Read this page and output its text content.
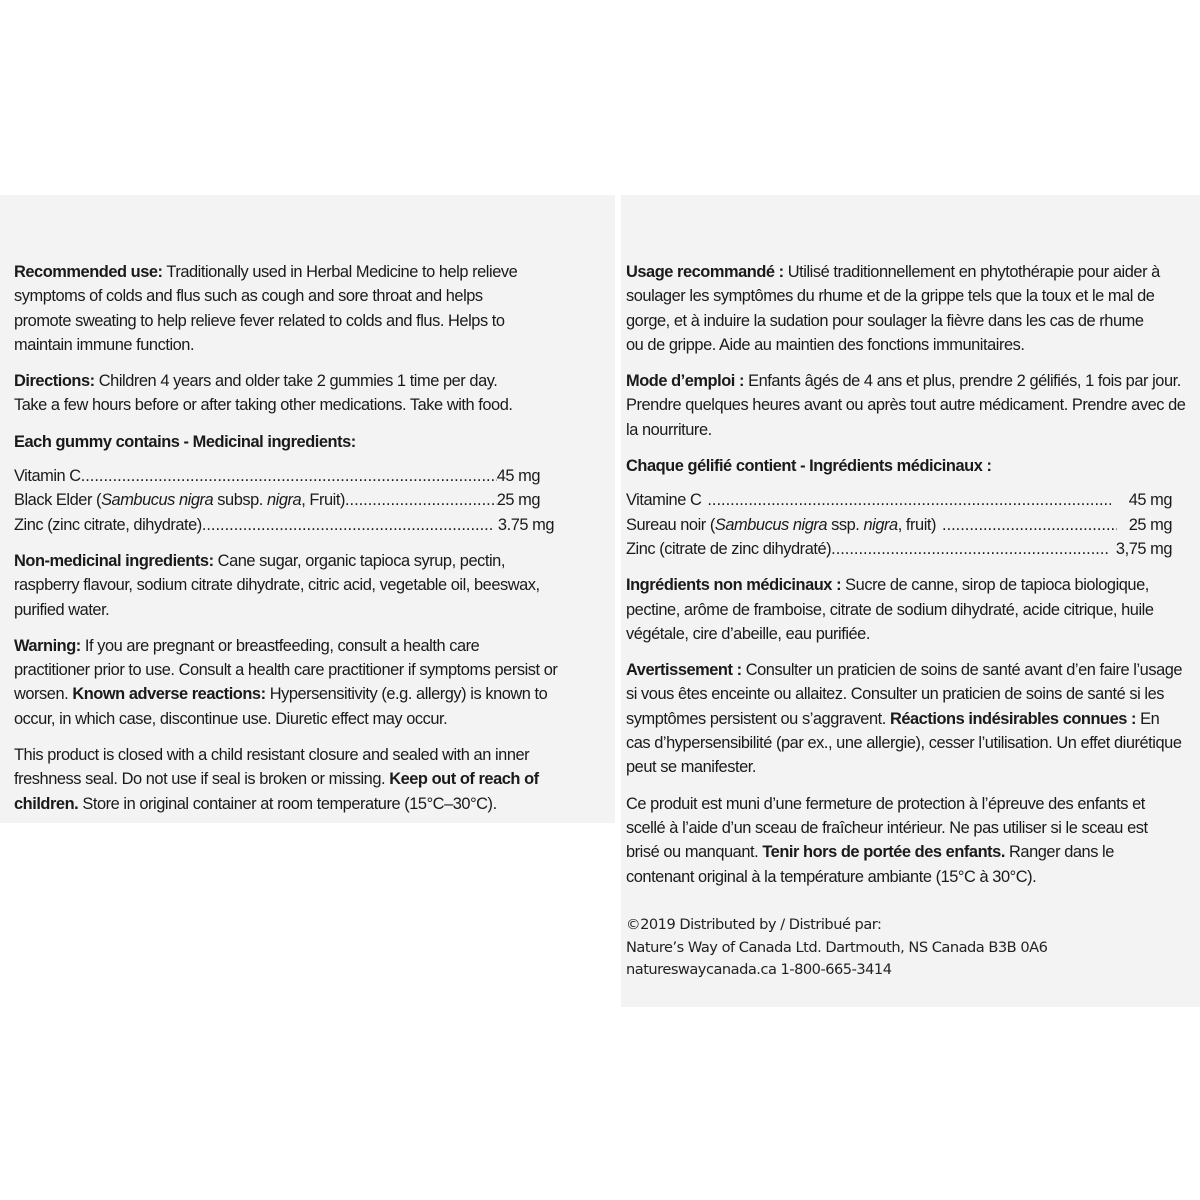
Recommended use: Traditionally used in Herbal Medicine to help relieve symptoms of colds and flus such as cough and sore throat and helps promote sweating to help relieve fever related to colds and flus. Helps to maintain immune function.

Directions: Children 4 years and older take 2 gummies 1 time per day. Take a few hours before or after taking other medications. Take with food.

Each gummy contains - Medicinal ingredients:

Vitamin C .....	45 mg
Black Elder (Sambucus nigra subsp. nigra, Fruit) .....	25 mg
Zinc (zinc citrate, dihydrate) .....	3.75 mg

Non-medicinal ingredients: Cane sugar, organic tapioca syrup, pectin, raspberry flavour, sodium citrate dihydrate, citric acid, vegetable oil, beeswax, purified water.

Warning: If you are pregnant or breastfeeding, consult a health care practitioner prior to use. Consult a health care practitioner if symptoms persist or worsen. Known adverse reactions: Hypersensitivity (e.g. allergy) is known to occur, in which case, discontinue use. Diuretic effect may occur.

This product is closed with a child resistant closure and sealed with an inner freshness seal. Do not use if seal is broken or missing. Keep out of reach of children. Store in original container at room temperature (15°C–30°C).

Usage recommandé : Utilisé traditionnellement en phytothérapie pour aider à soulager les symptômes du rhume et de la grippe tels que la toux et le mal de gorge, et à induire la sudation pour soulager la fièvre dans les cas de rhume ou de grippe. Aide au maintien des fonctions immunitaires.

Mode d’emploi : Enfants âgés de 4 ans et plus, prendre 2 gélifiés, 1 fois par jour. Prendre quelques heures avant ou après tout autre médicament. Prendre avec de la nourriture.

Chaque gélifié contient - Ingrédients médicinaux :

Vitamine C .....	45 mg
Sureau noir (Sambucus nigra ssp. nigra, fruit) .....	25 mg
Zinc (citrate de zinc dihydraté) .....	3,75 mg

Ingrédients non médicinaux : Sucre de canne, sirop de tapioca biologique, pectine, arôme de framboise, citrate de sodium dihydraté, acide citrique, huile végétale, cire d’abeille, eau purifiée.

Avertissement : Consulter un praticien de soins de santé avant d’en faire l’usage si vous êtes enceinte ou allaitez. Consulter un praticien de soins de santé si les symptômes persistent ou s’aggravent. Réactions indésirables connues : En cas d’hypersensibilité (par ex., une allergie), cesser l’utilisation. Un effet diurétique peut se manifester.

Ce produit est muni d’une fermeture de protection à l’épreuve des enfants et scellé à l’aide d’un sceau de fraîcheur intérieur. Ne pas utiliser si le sceau est brisé ou manquant. Tenir hors de portée des enfants. Ranger dans le contenant original à la température ambiante (15°C à 30°C).

©2019 Distributed by / Distribué par:
Nature’s Way of Canada Ltd. Dartmouth, NS Canada B3B 0A6
natureswaycanada.ca 1-800-665-3414
